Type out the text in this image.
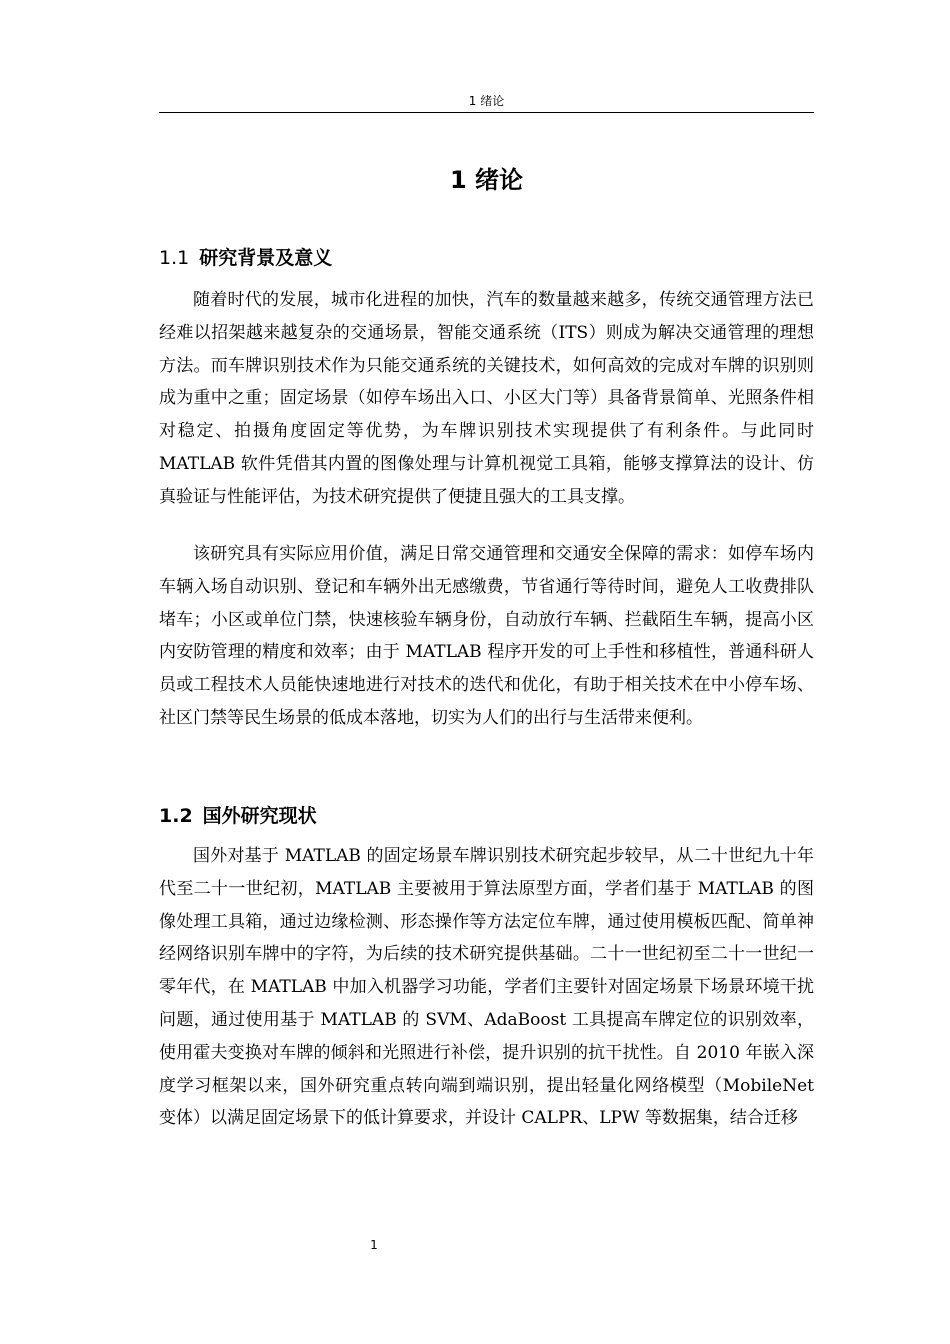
1 绪论
1 绪论
1.1 研究背景及意义

随着时代的发展，城市化进程的加快，汽车的数量越来越多，传统交通管理方法已经难以招架越来越复杂的交通场景，智能交通系统（ITS）则成为解决交通管理的理想方法。而车牌识别技术作为只能交通系统的关键技术，如何高效的完成对车牌的识别则成为重中之重；固定场景（如停车场出入口、小区大门等）具备背景简单、光照条件相对稳定、拍摄角度固定等优势，为车牌识别技术实现提供了有利条件。与此同时 MATLAB 软件凭借其内置的图像处理与计算机视觉工具箱，能够支撑算法的设计、仿真验证与性能评估，为技术研究提供了便捷且强大的工具支撑。

该研究具有实际应用价值，满足日常交通管理和交通安全保障的需求：如停车场内车辆入场自动识别、登记和车辆外出无感缴费，节省通行等待时间，避免人工收费排队堵车；小区或单位门禁，快速核验车辆身份，自动放行车辆、拦截陌生车辆，提高小区内安防管理的精度和效率；由于 MATLAB 程序开发的可上手性和移植性，普通科研人员或工程技术人员能快速地进行对技术的迭代和优化，有助于相关技术在中小停车场、社区门禁等民生场景的低成本落地，切实为人们的出行与生活带来便利。

1.2 国外研究现状

国外对基于 MATLAB 的固定场景车牌识别技术研究起步较早，从二十世纪九十年代至二十一世纪初，MATLAB 主要被用于算法原型方面，学者们基于 MATLAB 的图像处理工具箱，通过边缘检测、形态操作等方法定位车牌，通过使用模板匹配、简单神经网络识别车牌中的字符，为后续的技术研究提供基础。二十一世纪初至二十一世纪一零年代，在 MATLAB 中加入机器学习功能，学者们主要针对固定场景下场景环境干扰问题，通过使用基于 MATLAB 的 SVM、AdaBoost 工具提高车牌定位的识别效率，使用霍夫变换对车牌的倾斜和光照进行补偿，提升识别的抗干扰性。自 2010 年嵌入深度学习框架以来，国外研究重点转向端到端识别，提出轻量化网络模型（MobileNet 变体）以满足固定场景下的低计算要求，并设计 CALPR、LPW 等数据集，结合迁移

1
